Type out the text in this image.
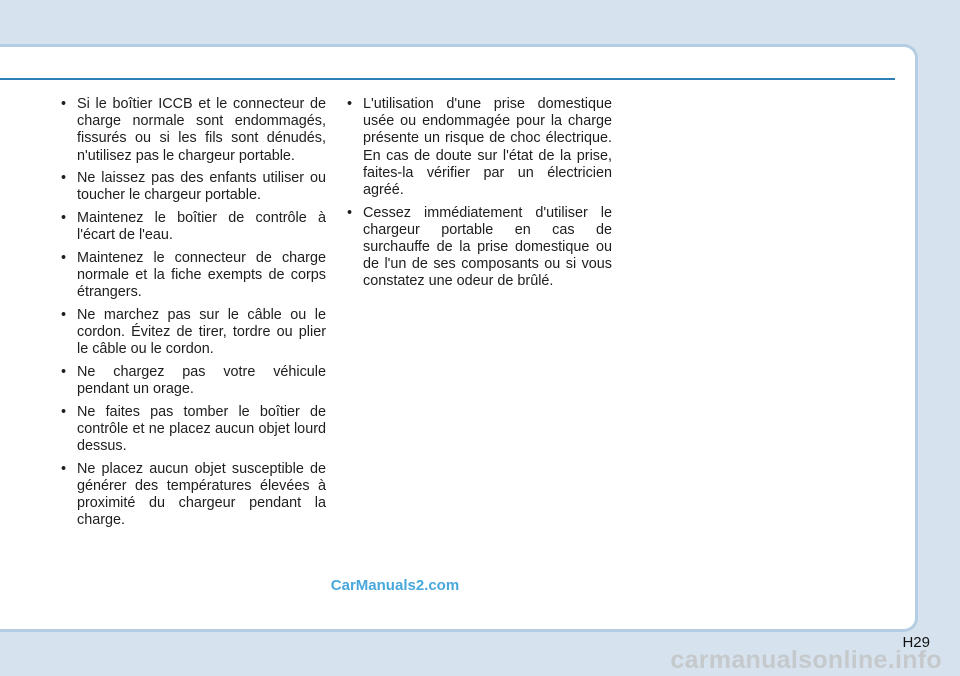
• Si le boîtier ICCB et le connecteur de charge normale sont endommagés, fissurés ou si les fils sont dénudés, n'utilisez pas le chargeur portable.
• Ne laissez pas des enfants utiliser ou toucher le chargeur portable.
• Maintenez le boîtier de contrôle à l'écart de l'eau.
• Maintenez le connecteur de charge normale et la fiche exempts de corps étrangers.
• Ne marchez pas sur le câble ou le cordon. Évitez de tirer, tordre ou plier le câble ou le cordon.
• Ne chargez pas votre véhicule pendant un orage.
• Ne faites pas tomber le boîtier de contrôle et ne placez aucun objet lourd dessus.
• Ne placez aucun objet susceptible de générer des températures élevées à proximité du chargeur pendant la charge.
• L'utilisation d'une prise domestique usée ou endommagée pour la charge présente un risque de choc électrique. En cas de doute sur l'état de la prise, faites-la vérifier par un électricien agréé.
• Cessez immédiatement d'utiliser le chargeur portable en cas de surchauffe de la prise domestique ou de l'un de ses composants ou si vous constatez une odeur de brûlé.
CarManuals2.com
H29
carmanualsonline.info
